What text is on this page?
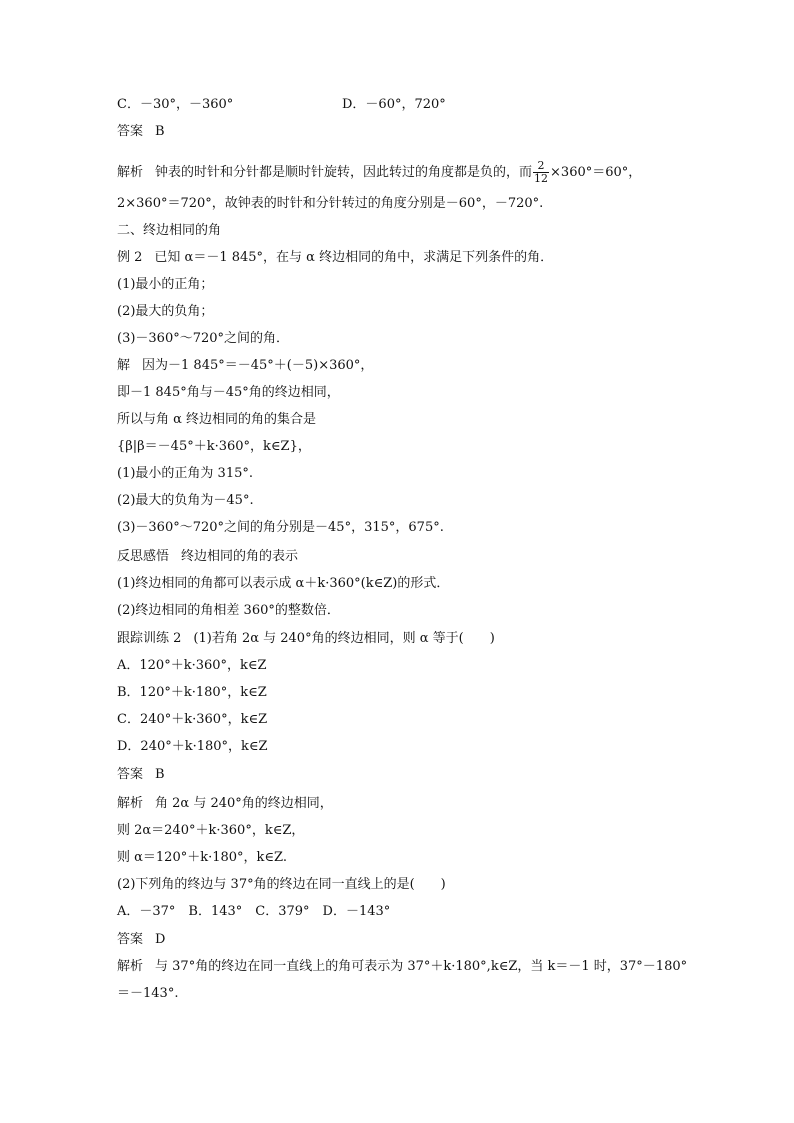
C．－30°，－360°	D．－60°，720°
答案 B
解析 钟表的时针和分针都是顺时针旋转，因此转过的角度都是负的，而 $\frac{2}{12} \times 360^\circ=60^\circ$，
2×360°＝720°，故钟表的时针和分针转过的角度分别是－60°，－720°.
二、终边相同的角
例 2 已知 α＝－1 845°，在与 α 终边相同的角中，求满足下列条件的角．
(1)最小的正角；
(2)最大的负角；
(3)－360°～720°之间的角．
解 因为－1 845°＝－45°＋(－5)×360°，
即－1 845°角与－45°角的终边相同，
所以与角 α 终边相同的角的集合是
{β|β＝－45°＋k·360°，k∈Z}，
(1)最小的正角为 315°.
(2)最大的负角为－45°.
(3)－360°～720°之间的角分别是－45°，315°，675°.
反思感悟 终边相同的角的表示
(1)终边相同的角都可以表示成 α＋k·360°(k∈Z)的形式．
(2)终边相同的角相差 360°的整数倍．
跟踪训练 2 (1)若角 2α 与 240°角的终边相同，则 α 等于(　　)
A．120°＋k·360°，k∈Z
B．120°＋k·180°，k∈Z
C．240°＋k·360°，k∈Z
D．240°＋k·180°，k∈Z
答案 B
解析 角 2α 与 240°角的终边相同，
则 2α＝240°＋k·360°，k∈Z，
则 α＝120°＋k·180°，k∈Z.
(2)下列角的终边与 37°角的终边在同一直线上的是(　　)
A．－37°　B．143°　C．379°　D．－143°
答案 D
解析 与 37°角的终边在同一直线上的角可表示为 37°＋k·180°,k∈Z，当 k＝－1 时，37°－180°
＝－143°.
